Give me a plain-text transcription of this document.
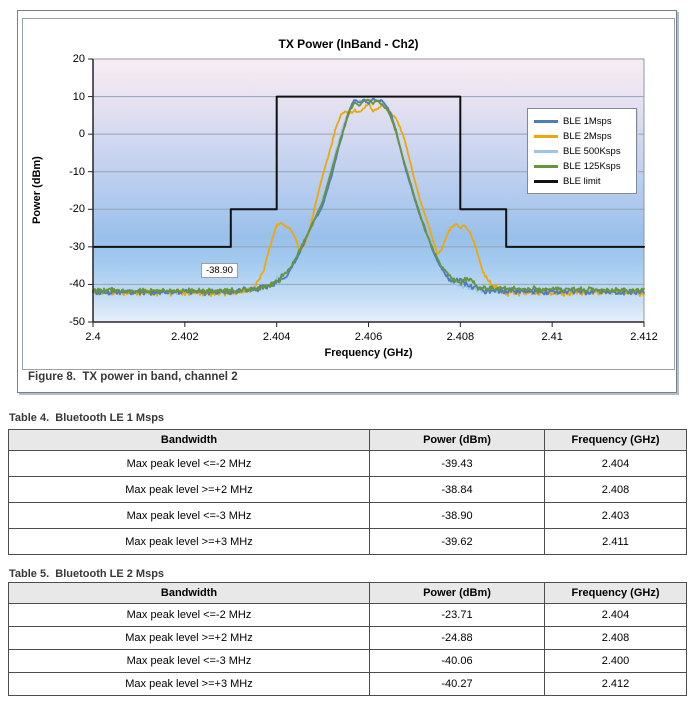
TX Power (InBand - Ch2)
20
10
0
-10
-20
-30
-40
-50
2.4	2.402	2.404	2.406	2.408	2.41	2.412
Power (dBm)
Frequency (GHz)
BLE 1Msps
BLE 2Msps
BLE 500Ksps
BLE 125Ksps
BLE limit
-38.90
Figure 8.  TX power in band, channel 2
Table 4.  Bluetooth LE 1 Msps
Bandwidth	Power (dBm)	Frequency (GHz)
Max peak level <=-2 MHz	-39.43	2.404
Max peak level >=+2 MHz	-38.84	2.408
Max peak level <=-3 MHz	-38.90	2.403
Max peak level >=+3 MHz	-39.62	2.411
Table 5.  Bluetooth LE 2 Msps
Bandwidth	Power (dBm)	Frequency (GHz)
Max peak level <=-2 MHz	-23.71	2.404
Max peak level >=+2 MHz	-24.88	2.408
Max peak level <=-3 MHz	-40.06	2.400
Max peak level >=+3 MHz	-40.27	2.412
